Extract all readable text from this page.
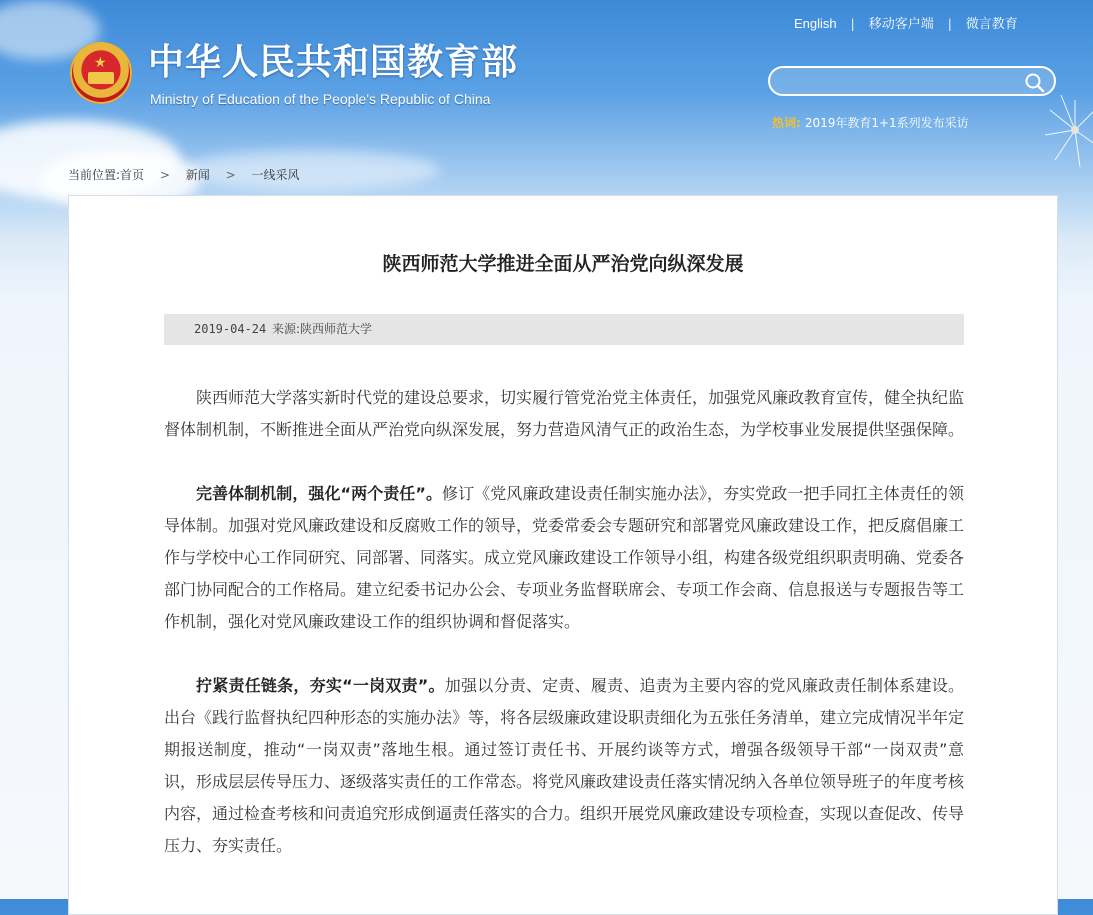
★ 中华人民共和国教育部
Ministry of Education of the People's Republic of China
English	|	移动客户端	|	微言教育
热词: 2019年教育1+1系列发布采访
当前位置:首页 > 新闻 > 一线采风
陕西师范大学推进全面从严治党向纵深发展
2019-04-24 来源:陕西师范大学

陕西师范大学落实新时代党的建设总要求，切实履行管党治党主体责任，加强党风廉政教育宣传，健全执纪监督体制机制，不断推进全面从严治党向纵深发展，努力营造风清气正的政治生态，为学校事业发展提供坚强保障。

完善体制机制，强化“两个责任”。修订《党风廉政建设责任制实施办法》，夯实党政一把手同扛主体责任的领导体制。加强对党风廉政建设和反腐败工作的领导，党委常委会专题研究和部署党风廉政建设工作，把反腐倡廉工作与学校中心工作同研究、同部署、同落实。成立党风廉政建设工作领导小组，构建各级党组织职责明确、党委各部门协同配合的工作格局。建立纪委书记办公会、专项业务监督联席会、专项工作会商、信息报送与专题报告等工作机制，强化对党风廉政建设工作的组织协调和督促落实。

拧紧责任链条，夯实“一岗双责”。加强以分责、定责、履责、追责为主要内容的党风廉政责任制体系建设。出台《践行监督执纪四种形态的实施办法》等，将各层级廉政建设职责细化为五张任务清单，建立完成情况半年定期报送制度，推动“一岗双责”落地生根。通过签订责任书、开展约谈等方式，增强各级领导干部“一岗双责”意识，形成层层传导压力、逐级落实责任的工作常态。将党风廉政建设责任落实情况纳入各单位领导班子的年度考核内容，通过检查考核和问责追究形成倒逼责任落实的合力。组织开展党风廉政建设专项检查，实现以查促改、传导压力、夯实责任。
